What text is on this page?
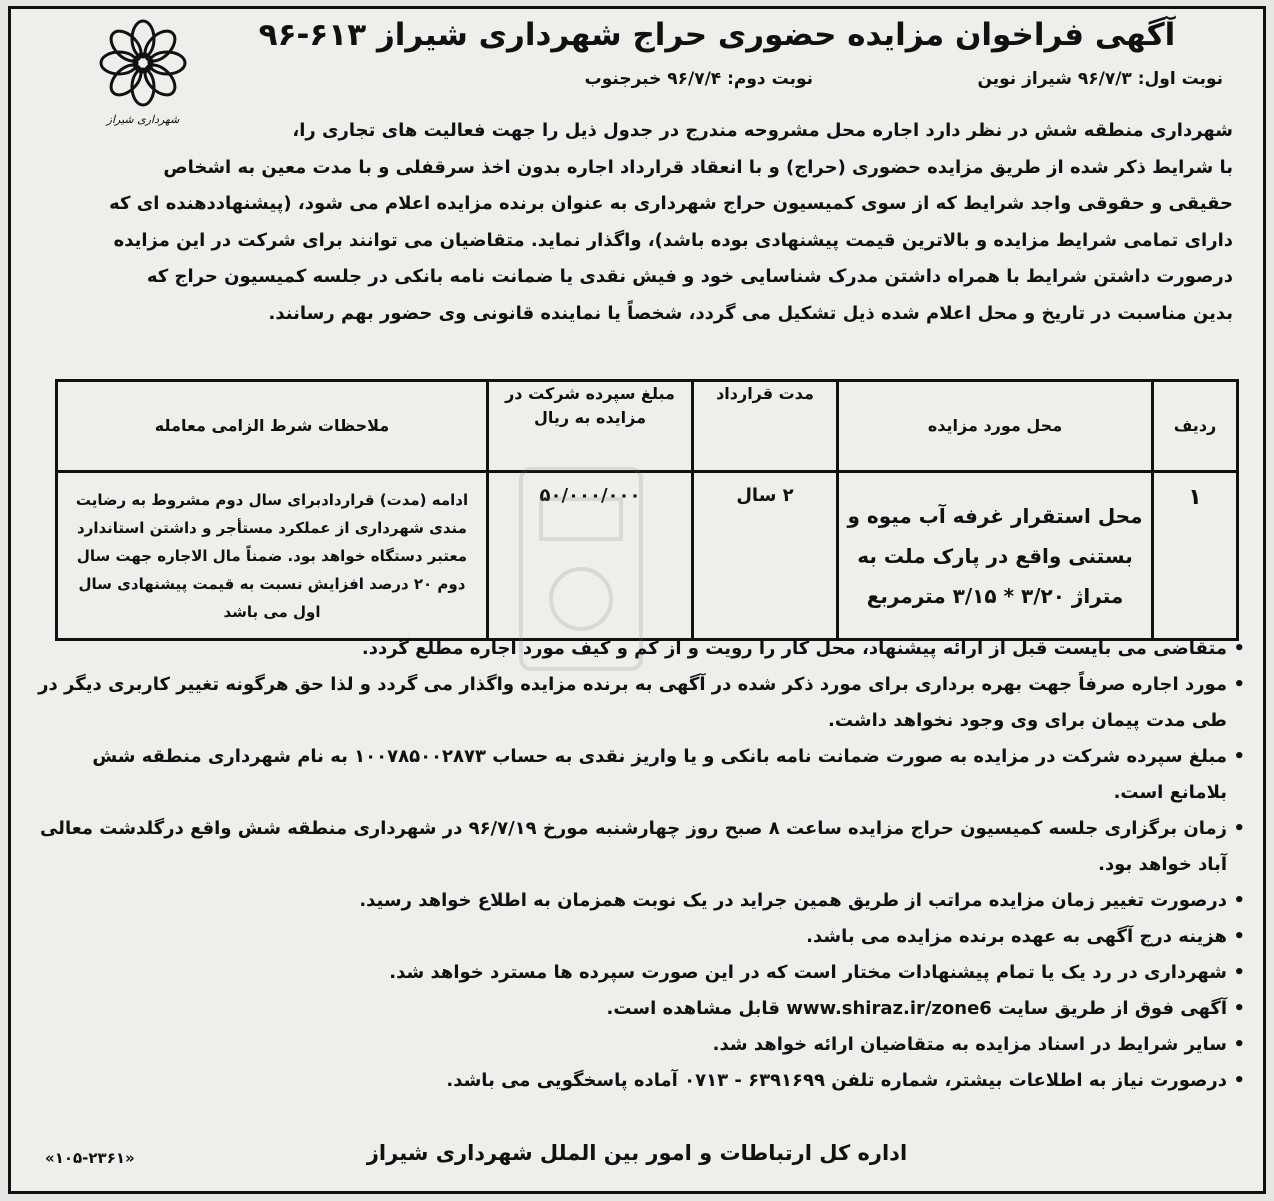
شهرداری شیراز
آگهی فراخوان مزایده حضوری حراج شهرداری شیراز ۶۱۳-۹۶
نوبت اول: ۹۶/۷/۳ شیراز نوین
نوبت دوم: ۹۶/۷/۴ خبرجنوب

شهرداری منطقه شش در نظر دارد اجاره محل مشروحه مندرج در جدول ذیل را جهت فعالیت های تجاری را،

با شرایط ذکر شده از طریق مزایده حضوری (حراج) و با انعقاد قرارداد اجاره بدون اخذ سرقفلی و با مدت معین به اشخاص

حقیقی و حقوقی واجد شرایط که از سوی کمیسیون حراج شهرداری به عنوان برنده مزایده اعلام می شود، (پیشنهاددهنده ای که

دارای تمامی شرایط مزایده و بالاترین قیمت پیشنهادی بوده باشد)، واگذار نماید. متقاضیان می توانند برای شرکت در این مزایده

درصورت داشتن شرایط با همراه داشتن مدرک شناسایی خود و فیش نقدی یا ضمانت نامه بانکی در جلسه کمیسیون حراج که

بدین مناسبت در تاریخ و محل اعلام شده ذیل تشکیل می گردد، شخصاً یا نماینده قانونی وی حضور بهم رسانند.

ردیف	محل مورد مزایده	مدت قرارداد	مبلغ سپرده شرکت در مزایده به ریال	ملاحظات شرط الزامی معامله
۱	محل استقرار غرفه آب میوه و بستنی واقع در پارک ملت به متراژ ۳/۲۰ * ۳/۱۵ مترمربع	۲ سال	۵۰/۰۰۰/۰۰۰	ادامه (مدت) قراردادبرای سال دوم مشروط به رضایت مندی شهرداری از عملکرد مستأجر و داشتن استاندارد معتبر دستگاه خواهد بود. ضمناً مال الاجاره جهت سال دوم ۲۰ درصد افزایش نسبت به قیمت پیشنهادی سال اول می باشد
• متقاضی می بایست قبل از ارائه پیشنهاد، محل کار را رویت و از کم و کیف مورد اجاره مطلع گردد.
• مورد اجاره صرفاً جهت بهره برداری برای مورد ذکر شده در آگهی به برنده مزایده واگذار می گردد و لذا حق هرگونه تغییر کاربری دیگر در طی مدت پیمان برای وی وجود نخواهد داشت.
• مبلغ سپرده شرکت در مزایده به صورت ضمانت نامه بانکی و یا واریز نقدی به حساب ۱۰۰۷۸۵۰۰۲۸۷۳ به نام شهرداری منطقه شش بلامانع است.
• زمان برگزاری جلسه کمیسیون حراج مزایده ساعت ۸ صبح روز چهارشنبه مورخ ۹۶/۷/۱۹ در شهرداری منطقه شش واقع درگلدشت معالی آباد خواهد بود.
• درصورت تغییر زمان مزایده مراتب از طریق همین جراید در یک نوبت همزمان به اطلاع خواهد رسید.
• هزینه درج آگهی به عهده برنده مزایده می باشد.
• شهرداری در رد یک یا تمام پیشنهادات مختار است که در این صورت سپرده ها مسترد خواهد شد.
• آگهی فوق از طریق سایت www.shiraz.ir/zone6 قابل مشاهده است.
• سایر شرایط در اسناد مزایده به متقاضیان ارائه خواهد شد.
• درصورت نیاز به اطلاعات بیشتر، شماره تلفن ۶۳۹۱۶۹۹ - ۰۷۱۳ آماده پاسخگویی می باشد.
اداره کل ارتباطات و امور بین الملل شهرداری شیراز
«۱۰۵-۲۳۶۱»
